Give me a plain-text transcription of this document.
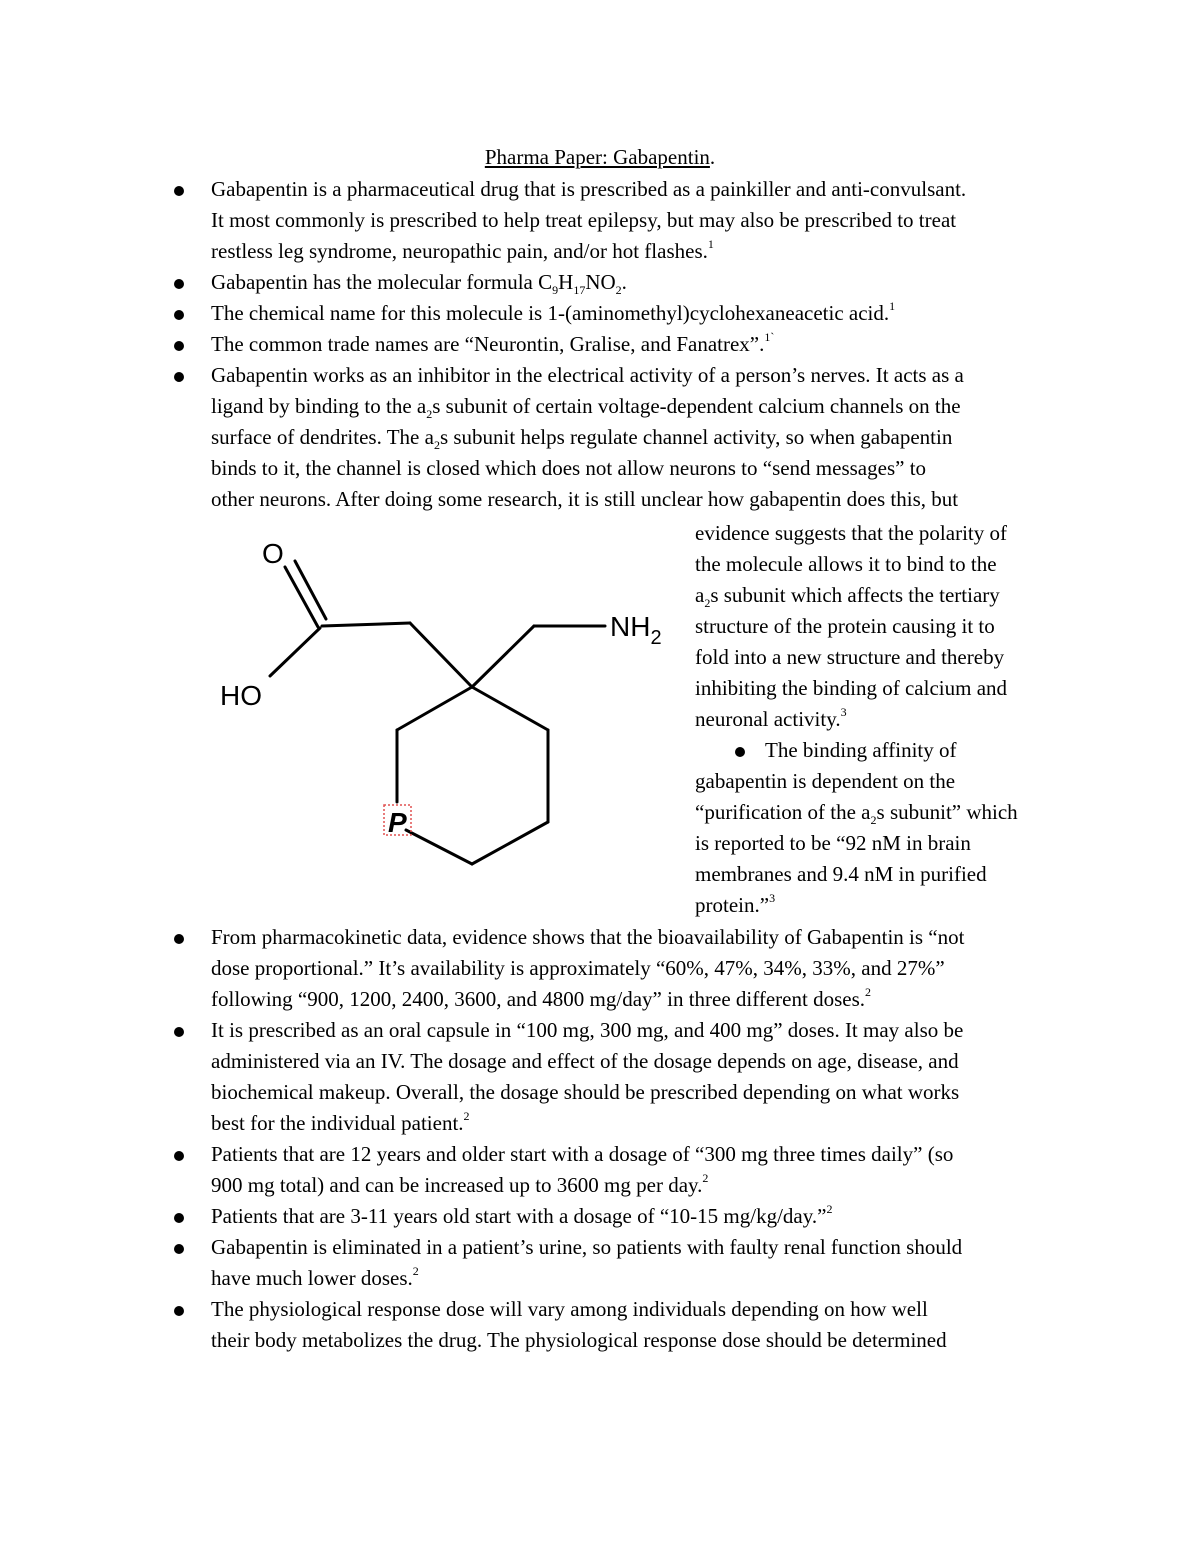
Pharma Paper: Gabapentin.
Gabapentin is a pharmaceutical drug that is prescribed as a painkiller and anti-convulsant.
It most commonly is prescribed to help treat epilepsy, but may also be prescribed to treat
restless leg syndrome, neuropathic pain, and/or hot flashes.$^1$
Gabapentin has the molecular formula $C_9H_{17}NO_2$.
The chemical name for this molecule is 1-(aminomethyl)cyclohexaneacetic acid.$^1$
The common trade names are “Neurontin, Gralise, and Fanatrex”.$^{1`}$
Gabapentin works as an inhibitor in the electrical activity of a person’s nerves. It acts as a
ligand by binding to the $a_2s$ subunit of certain voltage-dependent calcium channels on the
surface of dendrites. The $a_2s$ subunit helps regulate channel activity, so when gabapentin
binds to it, the channel is closed which does not allow neurons to “send messages” to
other neurons. After doing some research, it is still unclear how gabapentin does this, but
evidence suggests that the polarity of
the molecule allows it to bind to the
$a_2s$ subunit which affects the tertiary
structure of the protein causing it to
fold into a new structure and thereby
inhibiting the binding of calcium and
neuronal activity.$^3$
The binding affinity of
gabapentin is dependent on the
“purification of the $a_2s$ subunit” which
is reported to be “92 nM in brain
membranes and 9.4 nM in purified
protein.”$^3$
O
HO
$NH_2$
P
From pharmacokinetic data, evidence shows that the bioavailability of Gabapentin is “not
dose proportional.” It’s availability is approximately “60%, 47%, 34%, 33%, and 27%”
following “900, 1200, 2400, 3600, and 4800 mg/day” in three different doses.$^2$
It is prescribed as an oral capsule in “100 mg, 300 mg, and 400 mg” doses. It may also be
administered via an IV. The dosage and effect of the dosage depends on age, disease, and
biochemical makeup. Overall, the dosage should be prescribed depending on what works
best for the individual patient.$^2$
Patients that are 12 years and older start with a dosage of “300 mg three times daily” (so
900 mg total) and can be increased up to 3600 mg per day.$^2$
Patients that are 3-11 years old start with a dosage of “10-15 mg/kg/day.”$^2$
Gabapentin is eliminated in a patient’s urine, so patients with faulty renal function should
have much lower doses.$^2$
The physiological response dose will vary among individuals depending on how well
their body metabolizes the drug. The physiological response dose should be determined
